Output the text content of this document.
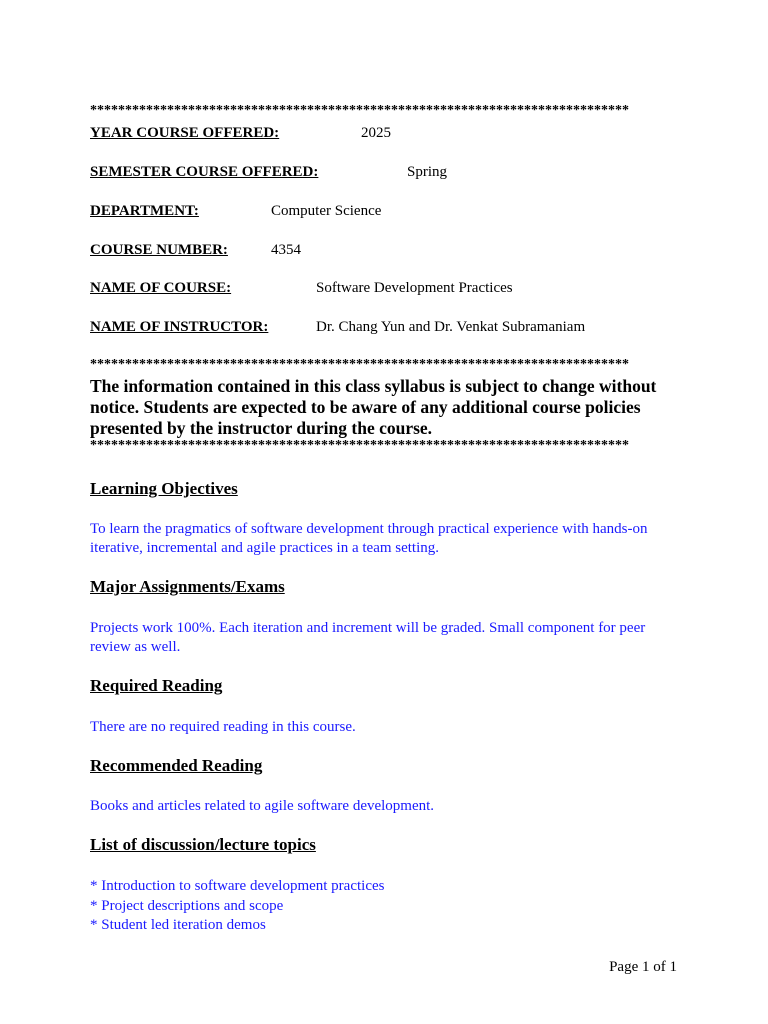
*****************************************************************************
YEAR COURSE OFFERED:	2025
SEMESTER COURSE OFFERED:	Spring
DEPARTMENT:	Computer Science
COURSE NUMBER:	4354
NAME OF COURSE:	Software Development Practices
NAME OF INSTRUCTOR:	Dr. Chang Yun and Dr. Venkat Subramaniam
*****************************************************************************
The information contained in this class syllabus is subject to change without notice. Students are expected to be aware of any additional course policies presented by the instructor during the course.
*****************************************************************************
Learning Objectives
To learn the pragmatics of software development through practical experience with hands-on iterative, incremental and agile practices in a team setting.
Major Assignments/Exams
Projects work 100%. Each iteration and increment will be graded. Small component for peer review as well.
Required Reading
There are no required reading in this course.
Recommended Reading
Books and articles related to agile software development.
List of discussion/lecture topics
* Introduction to software development practices
* Project descriptions and scope
* Student led iteration demos
Page 1 of 1
